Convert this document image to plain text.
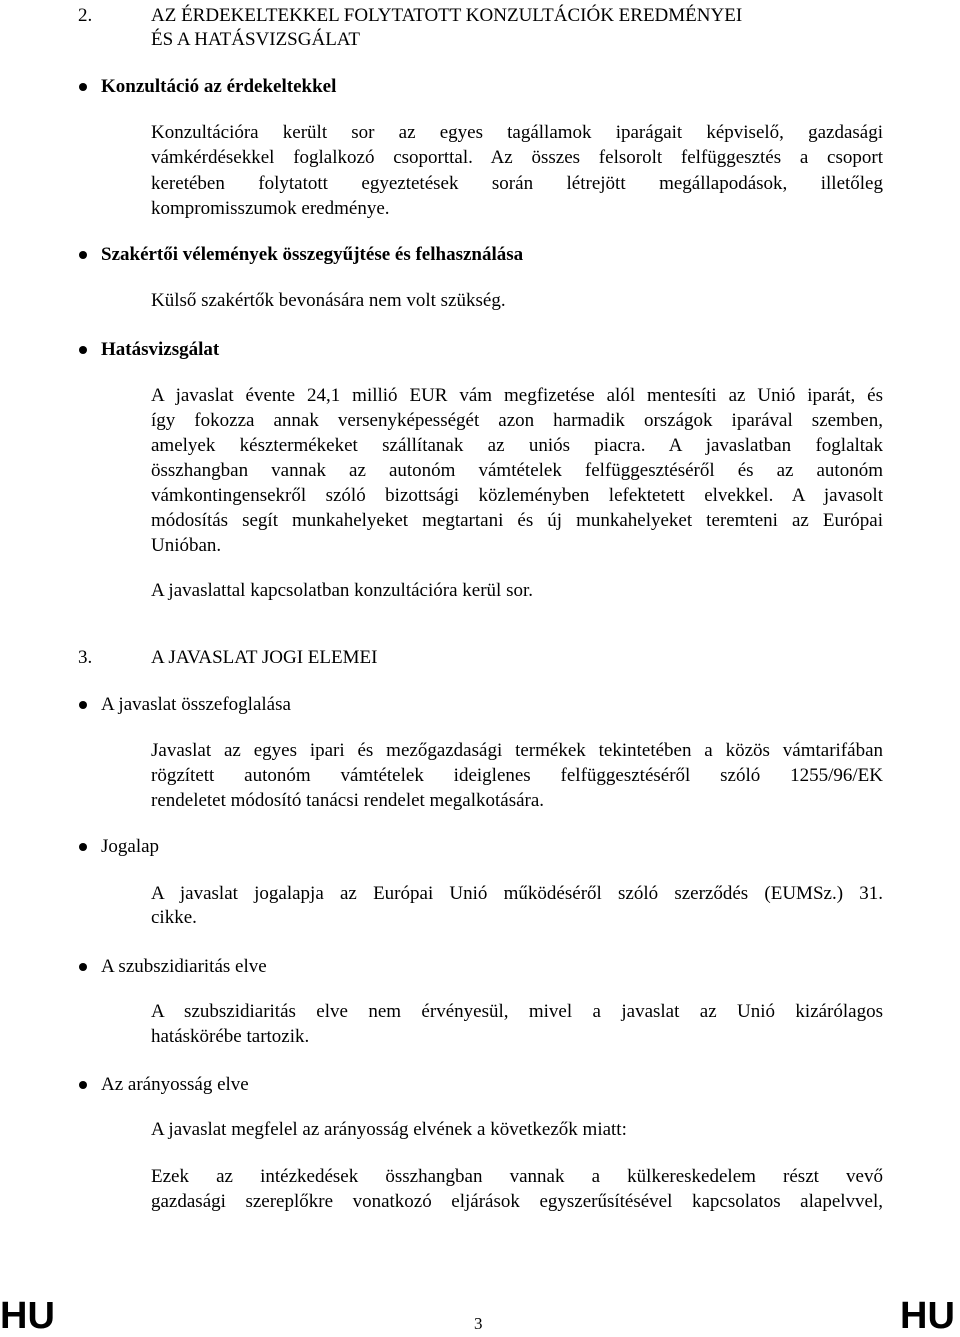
2.	AZ ÉRDEKELTEKKEL FOLYTATOTT KONZULTÁCIÓK EREDMÉNYEI
ÉS A HATÁSVIZSGÁLAT
Konzultáció az érdekeltekkel
Konzultációra került sor az egyes tagállamok iparágait képviselő, gazdasági
vámkérdésekkel foglalkozó csoporttal. Az összes felsorolt felfüggesztés a csoport
keretében folytatott egyeztetések során létrejött megállapodások, illetőleg
kompromisszumok eredménye.
Szakértői vélemények összegyűjtése és felhasználása
Külső szakértők bevonására nem volt szükség.
Hatásvizsgálat
A javaslat évente 24,1 millió EUR vám megfizetése alól mentesíti az Unió iparát, és
így fokozza annak versenyképességét azon harmadik országok iparával szemben,
amelyek késztermékeket szállítanak az uniós piacra. A javaslatban foglaltak
összhangban vannak az autonóm vámtételek felfüggesztéséről és az autonóm
vámkontingensekről szóló bizottsági közleményben lefektetett elvekkel. A javasolt
módosítás segít munkahelyeket megtartani és új munkahelyeket teremteni az Európai
Unióban.
A javaslattal kapcsolatban konzultációra kerül sor.
3.	A JAVASLAT JOGI ELEMEI
A javaslat összefoglalása
Javaslat az egyes ipari és mezőgazdasági termékek tekintetében a közös vámtarifában
rögzített autonóm vámtételek ideiglenes felfüggesztéséről szóló 1255/96/EK
rendeletet módosító tanácsi rendelet megalkotására.
Jogalap
A javaslat jogalapja az Európai Unió működéséről szóló szerződés (EUMSz.) 31.
cikke.
A szubszidiaritás elve
A szubszidiaritás elve nem érvényesül, mivel a javaslat az Unió kizárólagos
hatáskörébe tartozik.
Az arányosság elve
A javaslat megfelel az arányosság elvének a következők miatt:
Ezek az intézkedések összhangban vannak a külkereskedelem részt vevő
gazdasági szereplőkre vonatkozó eljárások egyszerűsítésével kapcsolatos alapelvvel,
HU	3	HU
